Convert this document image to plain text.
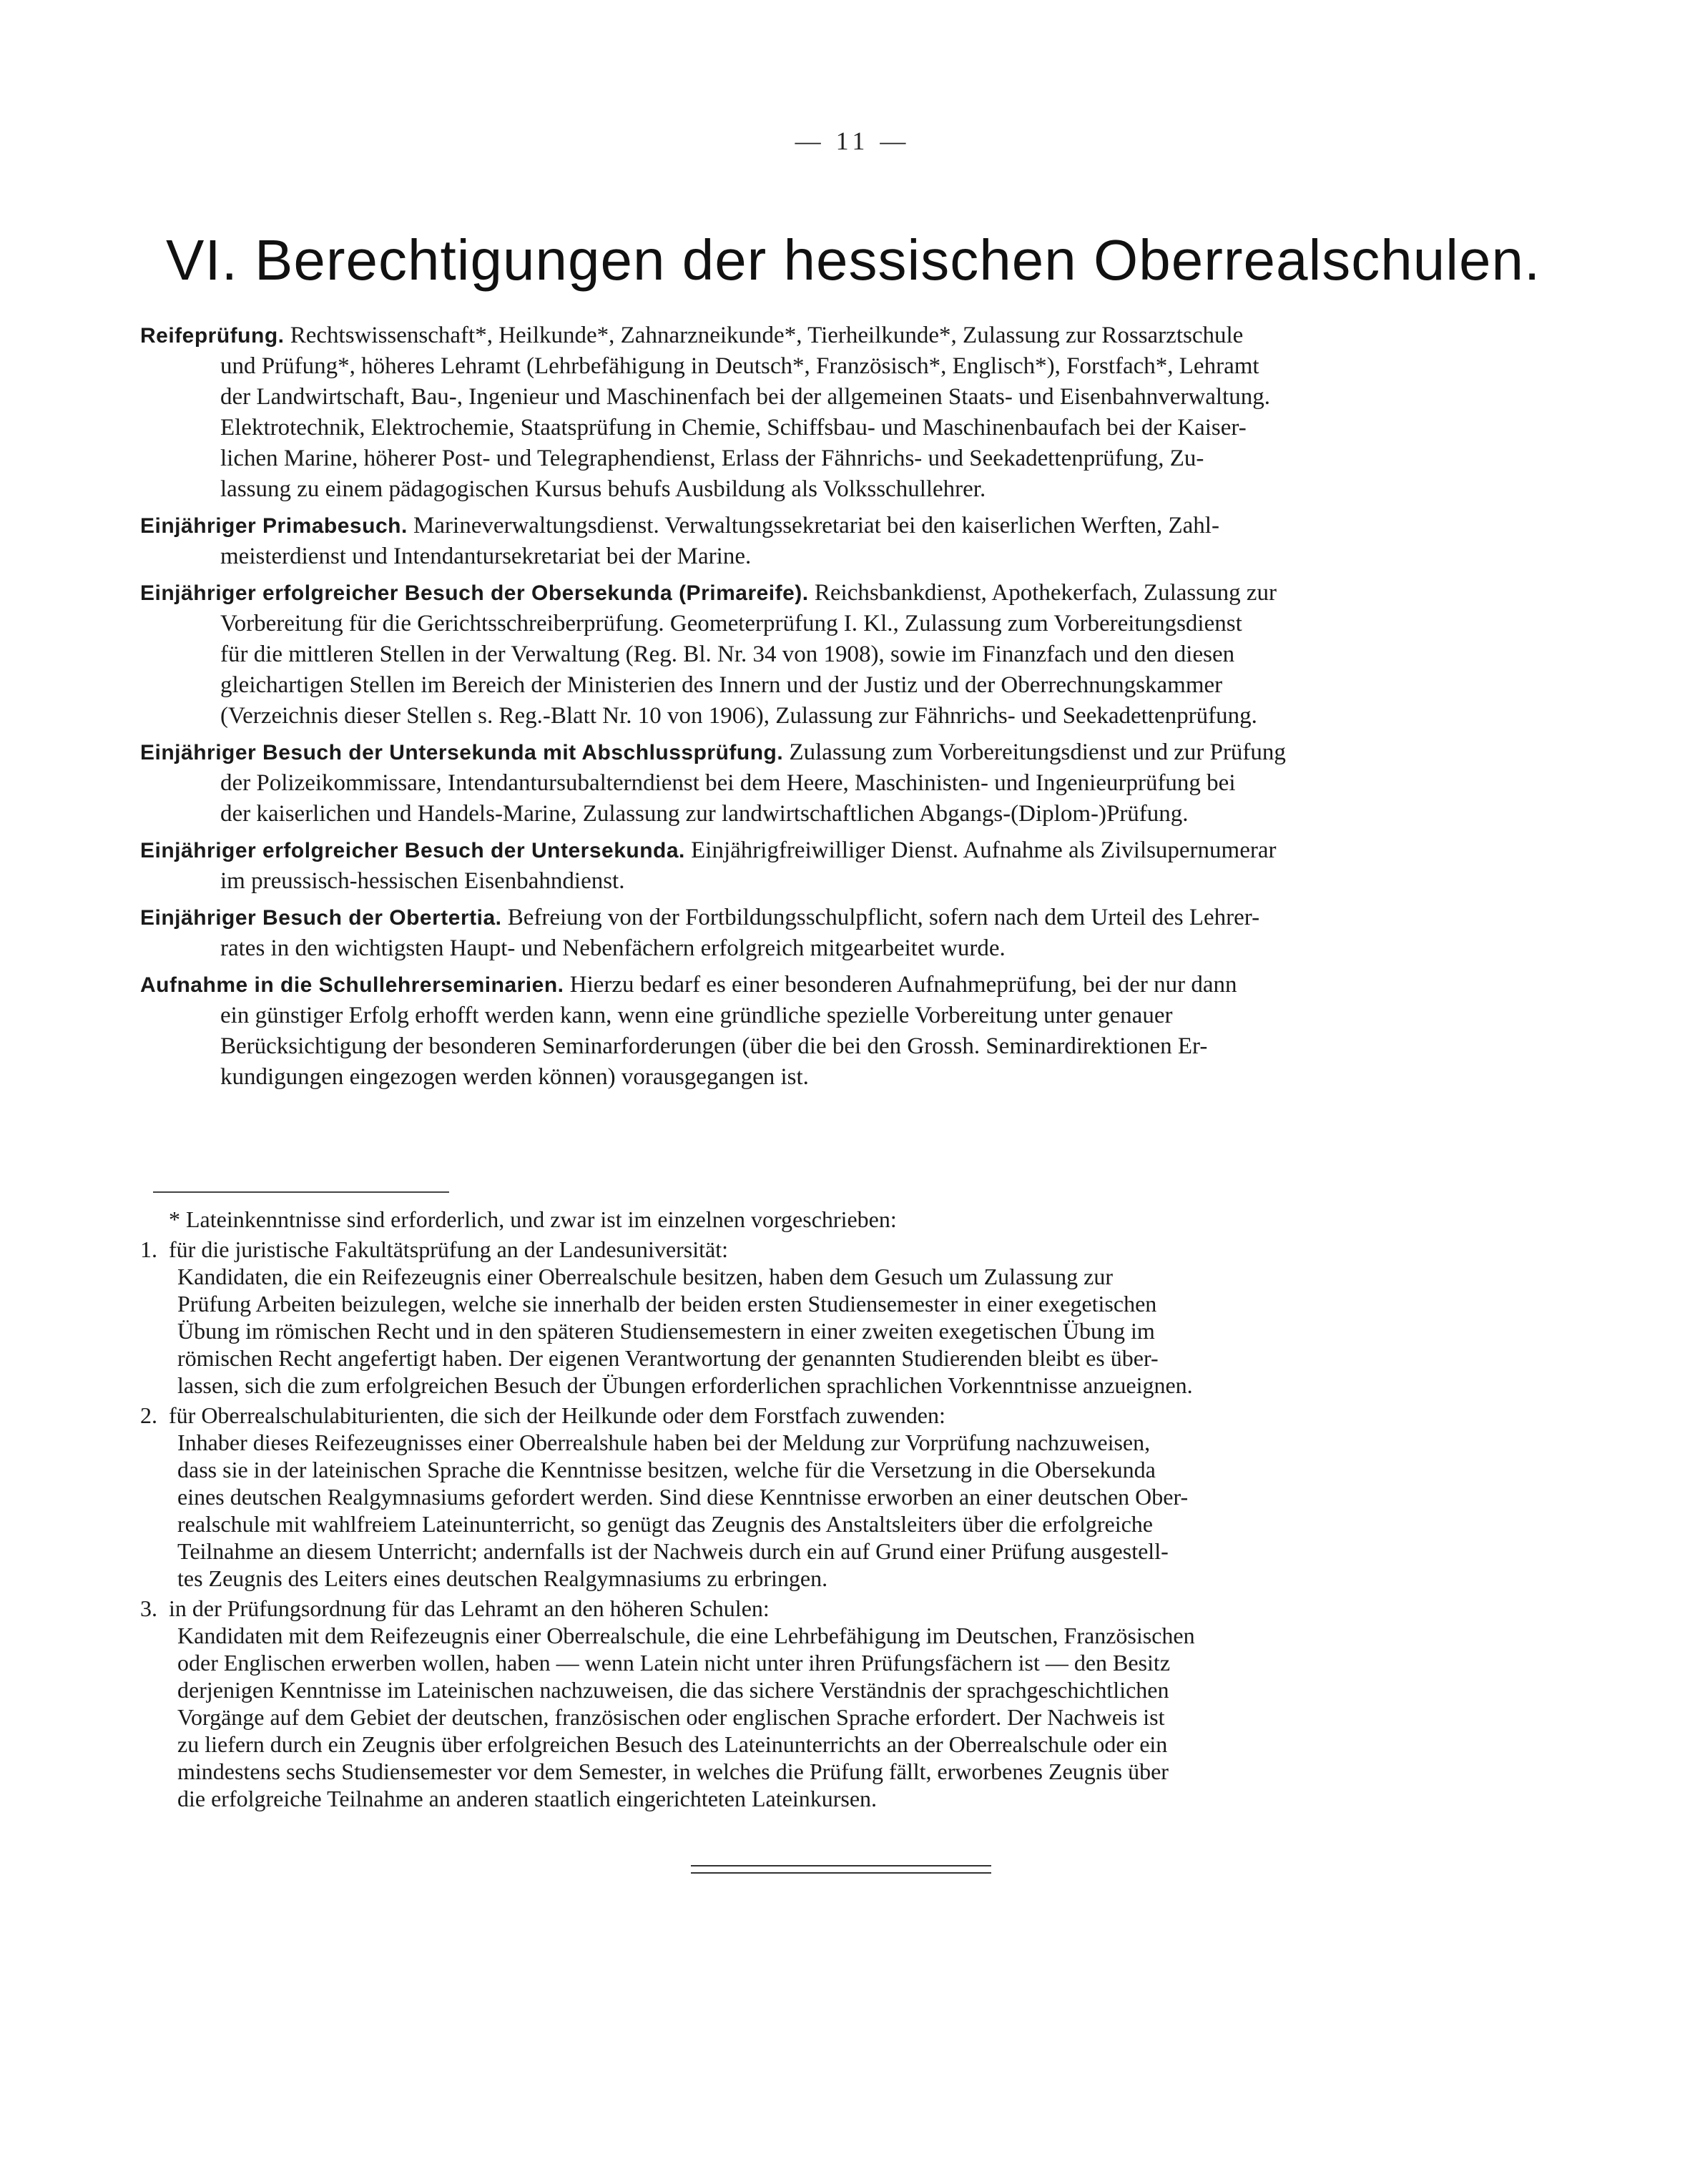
— 11 —
VI. Berechtigungen der hessischen Oberrealschulen.
Reifeprüfung. Rechtswissenschaft*, Heilkunde*, Zahnarzneikunde*, Tierheilkunde*, Zulassung zur Rossarztschule
und Prüfung*, höheres Lehramt (Lehrbefähigung in Deutsch*, Französisch*, Englisch*), Forstfach*, Lehramt
der Landwirtschaft, Bau-, Ingenieur und Maschinenfach bei der allgemeinen Staats- und Eisenbahnverwaltung.
Elektrotechnik, Elektrochemie, Staatsprüfung in Chemie, Schiffsbau- und Maschinenbaufach bei der Kaiser-
lichen Marine, höherer Post- und Telegraphendienst, Erlass der Fähnrichs- und Seekadettenprüfung, Zu-
lassung zu einem pädagogischen Kursus behufs Ausbildung als Volksschullehrer.
Einjähriger Primabesuch. Marineverwaltungsdienst. Verwaltungssekretariat bei den kaiserlichen Werften, Zahl-
meisterdienst und Intendantursekretariat bei der Marine.
Einjähriger erfolgreicher Besuch der Obersekunda (Primareife). Reichsbankdienst, Apothekerfach, Zulassung zur
Vorbereitung für die Gerichtsschreiberprüfung. Geometerprüfung I. Kl., Zulassung zum Vorbereitungsdienst
für die mittleren Stellen in der Verwaltung (Reg. Bl. Nr. 34 von 1908), sowie im Finanzfach und den diesen
gleichartigen Stellen im Bereich der Ministerien des Innern und der Justiz und der Oberrechnungskammer
(Verzeichnis dieser Stellen s. Reg.-Blatt Nr. 10 von 1906), Zulassung zur Fähnrichs- und Seekadettenprüfung.
Einjähriger Besuch der Untersekunda mit Abschlussprüfung. Zulassung zum Vorbereitungsdienst und zur Prüfung
der Polizeikommissare, Intendantursubalterndienst bei dem Heere, Maschinisten- und Ingenieurprüfung bei
der kaiserlichen und Handels-Marine, Zulassung zur landwirtschaftlichen Abgangs-(Diplom-)Prüfung.
Einjähriger erfolgreicher Besuch der Untersekunda. Einjährigfreiwilliger Dienst. Aufnahme als Zivilsupernumerar
im preussisch-hessischen Eisenbahndienst.
Einjähriger Besuch der Obertertia. Befreiung von der Fortbildungsschulpflicht, sofern nach dem Urteil des Lehrer-
rates in den wichtigsten Haupt- und Nebenfächern erfolgreich mitgearbeitet wurde.
Aufnahme in die Schullehrerseminarien. Hierzu bedarf es einer besonderen Aufnahmeprüfung, bei der nur dann
ein günstiger Erfolg erhofft werden kann, wenn eine gründliche spezielle Vorbereitung unter genauer
Berücksichtigung der besonderen Seminarforderungen (über die bei den Grossh. Seminardirektionen Er-
kundigungen eingezogen werden können) vorausgegangen ist.
* Lateinkenntnisse sind erforderlich, und zwar ist im einzelnen vorgeschrieben:
1. für die juristische Fakultätsprüfung an der Landesuniversität:
Kandidaten, die ein Reifezeugnis einer Oberrealschule besitzen, haben dem Gesuch um Zulassung zur
Prüfung Arbeiten beizulegen, welche sie innerhalb der beiden ersten Studiensemester in einer exegetischen
Übung im römischen Recht und in den späteren Studiensemestern in einer zweiten exegetischen Übung im
römischen Recht angefertigt haben. Der eigenen Verantwortung der genannten Studierenden bleibt es über-
lassen, sich die zum erfolgreichen Besuch der Übungen erforderlichen sprachlichen Vorkenntnisse anzueignen.
2. für Oberrealschulabiturienten, die sich der Heilkunde oder dem Forstfach zuwenden:
Inhaber dieses Reifezeugnisses einer Oberrealshule haben bei der Meldung zur Vorprüfung nachzuweisen,
dass sie in der lateinischen Sprache die Kenntnisse besitzen, welche für die Versetzung in die Obersekunda
eines deutschen Realgymnasiums gefordert werden. Sind diese Kenntnisse erworben an einer deutschen Ober-
realschule mit wahlfreiem Lateinunterricht, so genügt das Zeugnis des Anstaltsleiters über die erfolgreiche
Teilnahme an diesem Unterricht; andernfalls ist der Nachweis durch ein auf Grund einer Prüfung ausgestell-
tes Zeugnis des Leiters eines deutschen Realgymnasiums zu erbringen.
3. in der Prüfungsordnung für das Lehramt an den höheren Schulen:
Kandidaten mit dem Reifezeugnis einer Oberrealschule, die eine Lehrbefähigung im Deutschen, Französischen
oder Englischen erwerben wollen, haben — wenn Latein nicht unter ihren Prüfungsfächern ist — den Besitz
derjenigen Kenntnisse im Lateinischen nachzuweisen, die das sichere Verständnis der sprachgeschichtlichen
Vorgänge auf dem Gebiet der deutschen, französischen oder englischen Sprache erfordert. Der Nachweis ist
zu liefern durch ein Zeugnis über erfolgreichen Besuch des Lateinunterrichts an der Oberrealschule oder ein
mindestens sechs Studiensemester vor dem Semester, in welches die Prüfung fällt, erworbenes Zeugnis über
die erfolgreiche Teilnahme an anderen staatlich eingerichteten Lateinkursen.
